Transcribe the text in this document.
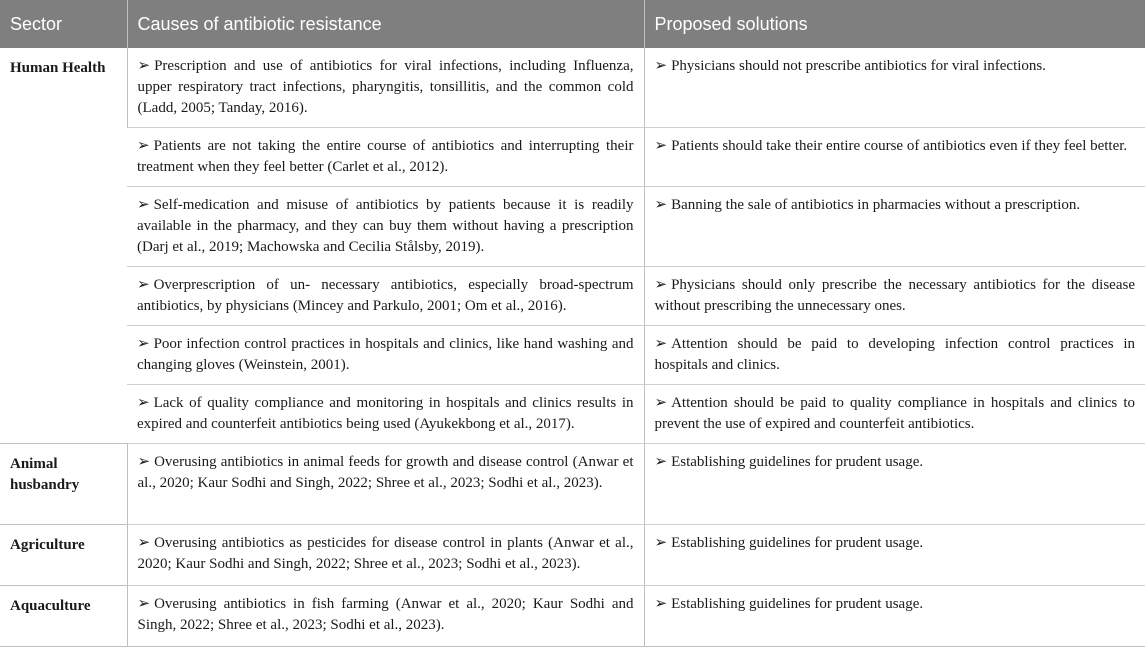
Sector	Causes of antibiotic resistance	Proposed solutions
Human Health	➢ Prescription and use of antibiotics for viral infections, including Influenza, upper respiratory tract infections, pharyngitis, tonsillitis, and the common cold (Ladd, 2005; Tanday, 2016).	➢ Physicians should not prescribe antibiotics for viral infections.
	➢ Patients are not taking the entire course of antibiotics and interrupting their treatment when they feel better (Carlet et al., 2012).	➢ Patients should take their entire course of antibiotics even if they feel better.
	➢ Self-medication and misuse of antibiotics by patients because it is readily available in the pharmacy, and they can buy them without having a prescription (Darj et al., 2019; Machowska and Cecilia Stålsby, 2019).	➢ Banning the sale of antibiotics in pharmacies without a prescription.
	➢ Overprescription of un- necessary antibiotics, especially broad-spectrum antibiotics, by physicians (Mincey and Parkulo, 2001; Om et al., 2016).	➢ Physicians should only prescribe the necessary antibiotics for the disease without prescribing the unnecessary ones.
	➢ Poor infection control practices in hospitals and clinics, like hand washing and changing gloves (Weinstein, 2001).	➢ Attention should be paid to developing infection control practices in hospitals and clinics.
	➢ Lack of quality compliance and monitoring in hospitals and clinics results in expired and counterfeit antibiotics being used (Ayukekbong et al., 2017).	➢ Attention should be paid to quality compliance in hospitals and clinics to prevent the use of expired and counterfeit antibiotics.
Animal husbandry	➢ Overusing antibiotics in animal feeds for growth and disease control (Anwar et al., 2020; Kaur Sodhi and Singh, 2022; Shree et al., 2023; Sodhi et al., 2023).	➢ Establishing guidelines for prudent usage.
Agriculture	➢ Overusing antibiotics as pesticides for disease control in plants (Anwar et al., 2020; Kaur Sodhi and Singh, 2022; Shree et al., 2023; Sodhi et al., 2023).	➢ Establishing guidelines for prudent usage.
Aquaculture	➢ Overusing antibiotics in fish farming (Anwar et al., 2020; Kaur Sodhi and Singh, 2022; Shree et al., 2023; Sodhi et al., 2023).	➢ Establishing guidelines for prudent usage.
